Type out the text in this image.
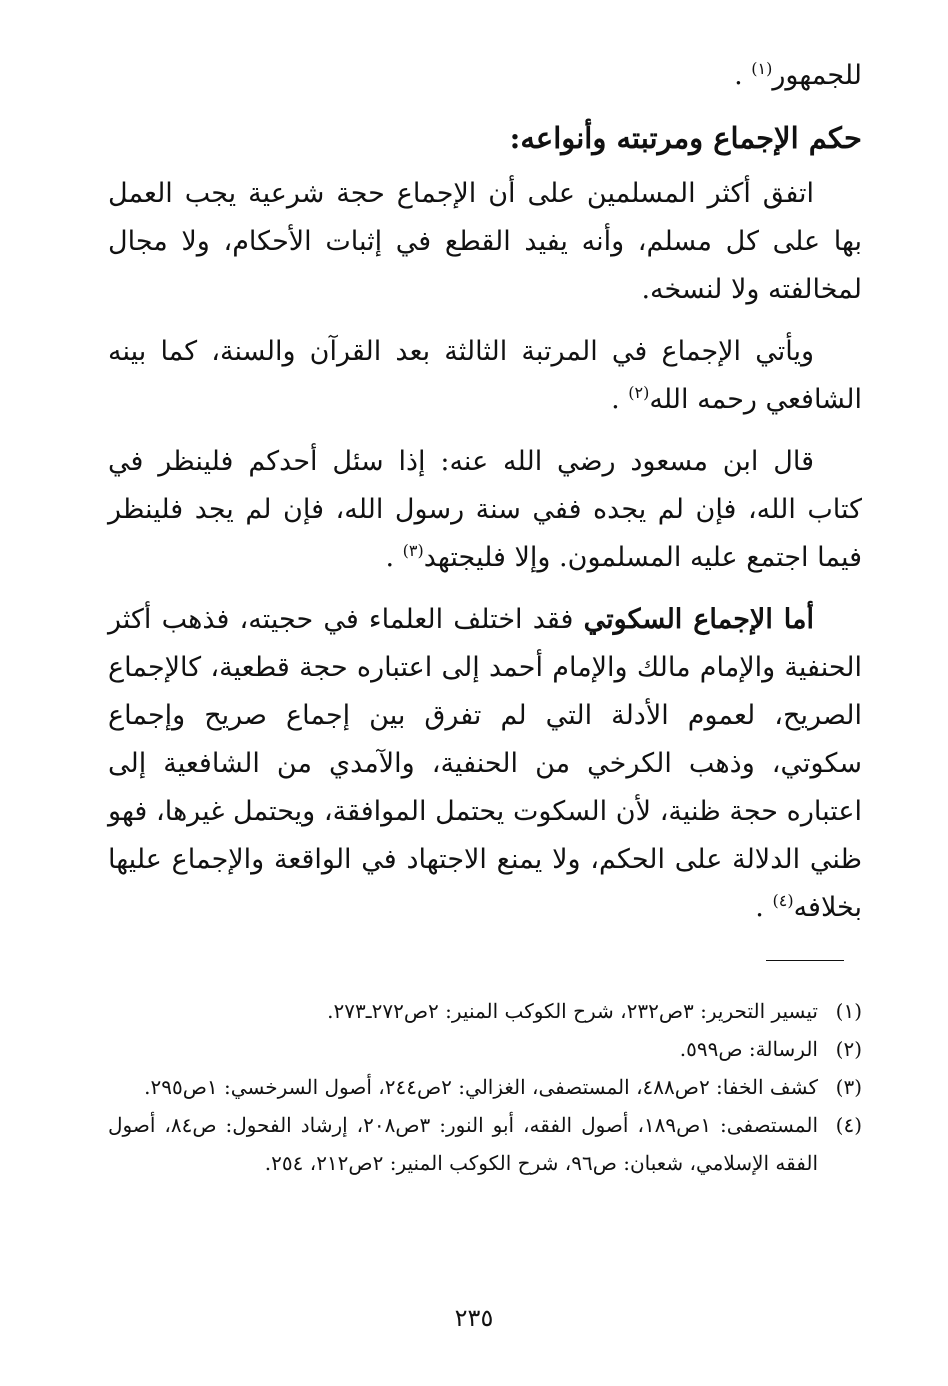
للجمهور$^{(١)}$ .

حكم الإجماع ومرتبته وأنواعه:

اتفق أكثر المسلمين على أن الإجماع حجة شرعية يجب العمل بها على كل مسلم، وأنه يفيد القطع في إثبات الأحكام، ولا مجال لمخالفته ولا لنسخه.

ويأتي الإجماع في المرتبة الثالثة بعد القرآن والسنة، كما بينه الشافعي رحمه الله$^{(٢)}$ .

قال ابن مسعود رضي الله عنه: إذا سئل أحدكم فلينظر في كتاب الله، فإن لم يجده ففي سنة رسول الله، فإن لم يجد فلينظر فيما اجتمع عليه المسلمون. وإلا فليجتهد$^{(٣)}$ .

أما الإجماع السكوتي فقد اختلف العلماء في حجيته، فذهب أكثر الحنفية والإمام مالك والإمام أحمد إلى اعتباره حجة قطعية، كالإجماع الصريح، لعموم الأدلة التي لم تفرق بين إجماع صريح وإجماع سكوتي، وذهب الكرخي من الحنفية، والآمدي من الشافعية إلى اعتباره حجة ظنية، لأن السكوت يحتمل الموافقة، ويحتمل غيرها، فهو ظني الدلالة على الحكم، ولا يمنع الاجتهاد في الواقعة والإجماع عليها بخلافه$^{(٤)}$ .

(١)
تيسير التحرير: ٣ص٢٣٢، شرح الكوكب المنير: ٢ص٢٧٢ـ٢٧٣.
(٢)
الرسالة: ص٥٩٩.
(٣)
كشف الخفا: ٢ص٤٨٨، المستصفى، الغزالي: ٢ص٢٤٤، أصول السرخسي: ١ص٢٩٥.
(٤)
المستصفى: ١ص١٨٩، أصول الفقه، أبو النور: ٣ص٢٠٨، إرشاد الفحول: ص٨٤، أصول الفقه الإسلامي، شعبان: ص٩٦، شرح الكوكب المنير: ٢ص٢١٢، ٢٥٤.
٢٣٥
